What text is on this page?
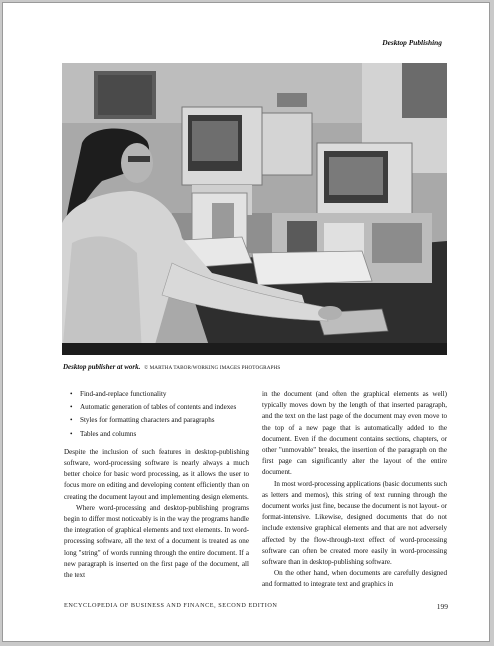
Desktop Publishing
Desktop publisher at work. © MARTHA TABOR/WORKING IMAGES PHOTOGRAPHS
• Find-and-replace functionality
• Automatic generation of tables of contents and indexes
• Styles for formatting characters and paragraphs
• Tables and columns

Despite the inclusion of such features in desktop-publishing software, word-processing software is nearly always a much better choice for basic word processing, as it allows the user to focus more on editing and developing content efficiently than on creating the document layout and implementing design elements.

Where word-processing and desktop-publishing programs begin to differ most noticeably is in the way the programs handle the integration of graphical elements and text elements. In word-processing software, all the text of a document is treated as one long "string" of words running through the entire document. If a new paragraph is inserted on the first page of the document, all the text

in the document (and often the graphical elements as well) typically moves down by the length of that inserted paragraph, and the text on the last page of the document may even move to the top of a new page that is automatically added to the document. Even if the document contains sections, chapters, or other "unmovable" breaks, the insertion of the paragraph on the first page can significantly alter the layout of the entire document.

In most word-processing applications (basic documents such as letters and memos), this string of text running through the document works just fine, because the document is not layout- or format-intensive. Likewise, designed documents that do not include extensive graphical elements and that are not adversely affected by the flow-through-text effect of word-processing software can often be created more easily in word-processing software than in desktop-publishing software.

On the other hand, when documents are carefully designed and formatted to integrate text and graphics in

ENCYCLOPEDIA OF BUSINESS AND FINANCE, SECOND EDITION	199
